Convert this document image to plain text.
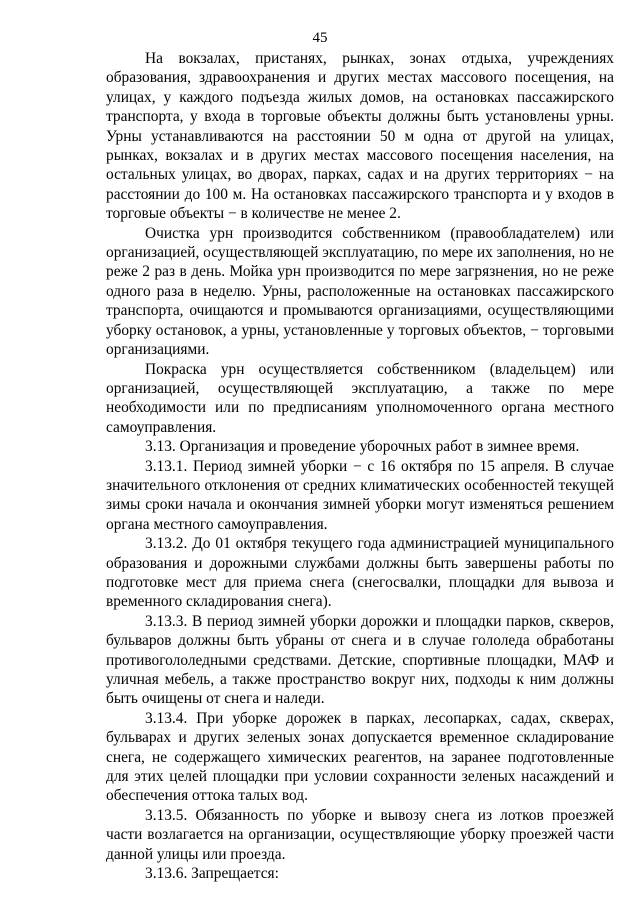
45

На вокзалах, пристанях, рынках, зонах отдыха, учреждениях образования, здравоохранения и других местах массового посещения, на улицах, у каждого подъезда жилых домов, на остановках пассажирского транспорта, у входа в торговые объекты должны быть установлены урны. Урны устанавливаются на расстоянии 50 м одна от другой на улицах, рынках, вокзалах и в других местах массового посещения населения, на остальных улицах, во дворах, парках, садах и на других территориях − на расстоянии до 100 м. На остановках пассажирского транспорта и у входов в торговые объекты − в количестве не менее 2.

Очистка урн производится собственником (правообладателем) или организацией, осуществляющей эксплуатацию, по мере их заполнения, но не реже 2 раз в день. Мойка урн производится по мере загрязнения, но не реже одного раза в неделю. Урны, расположенные на остановках пассажирского транспорта, очищаются и промываются организациями, осуществляющими уборку остановок, а урны, установленные у торговых объектов, − торговыми организациями.

Покраска урн осуществляется собственником (владельцем) или организацией, осуществляющей эксплуатацию, а также по мере необходимости или по предписаниям уполномоченного органа местного самоуправления.

3.13. Организация и проведение уборочных работ в зимнее время.

3.13.1. Период зимней уборки − с 16 октября по 15 апреля. В случае значительного отклонения от средних климатических особенностей текущей зимы сроки начала и окончания зимней уборки могут изменяться решением органа местного самоуправления.

3.13.2. До 01 октября текущего года администрацией муниципального образования и дорожными службами должны быть завершены работы по подготовке мест для приема снега (снегосвалки, площадки для вывоза и временного складирования снега).

3.13.3. В период зимней уборки дорожки и площадки парков, скверов, бульваров должны быть убраны от снега и в случае гололеда обработаны противогололедными средствами. Детские, спортивные площадки, МАФ и уличная мебель, а также пространство вокруг них, подходы к ним должны быть очищены от снега и наледи.

3.13.4. При уборке дорожек в парках, лесопарках, садах, скверах, бульварах и других зеленых зонах допускается временное складирование снега, не содержащего химических реагентов, на заранее подготовленные для этих целей площадки при условии сохранности зеленых насаждений и обеспечения оттока талых вод.

3.13.5. Обязанность по уборке и вывозу снега из лотков проезжей части возлагается на организации, осуществляющие уборку проезжей части данной улицы или проезда.

3.13.6. Запрещается:
